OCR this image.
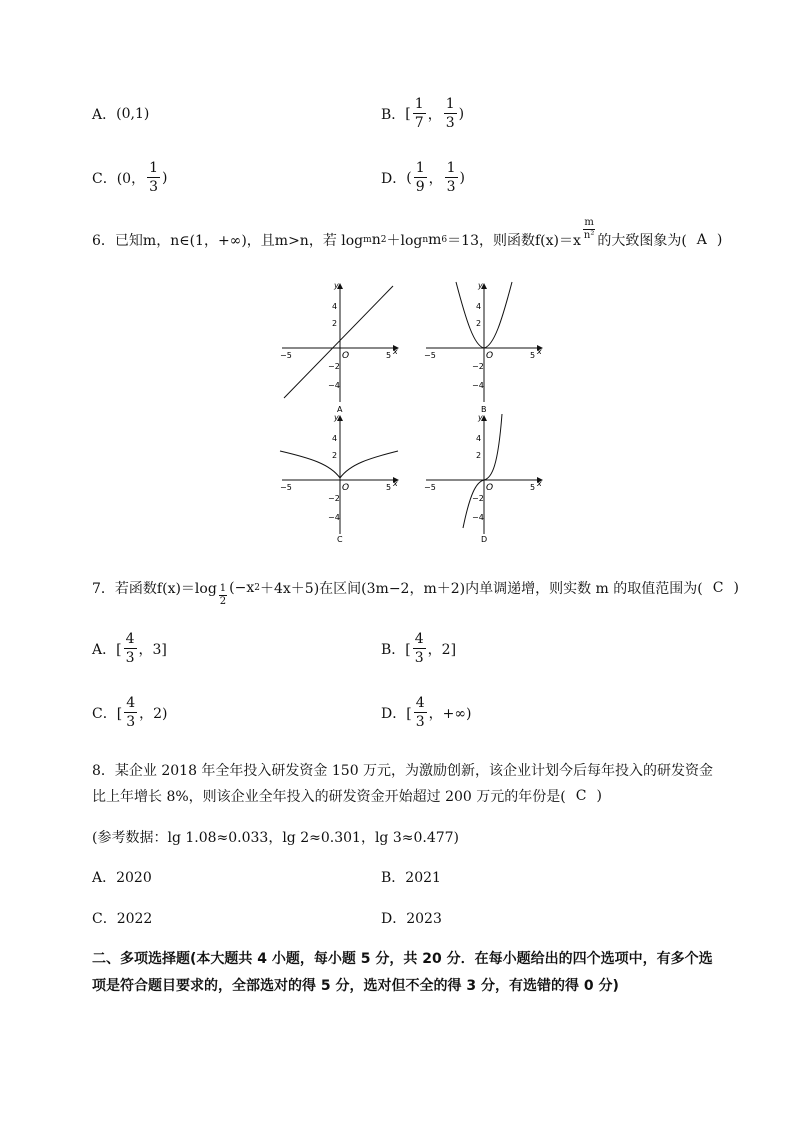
A． (0,1)	B． [ $\frac{1}{7}$ ， $\frac{1}{3}$ )
C． (0， $\frac{1}{3}$ )	D． ( $\frac{1}{9}$ ， $\frac{1}{3}$ )
6． 已知m，n∈(1，+∞)，且m>n，若 log m n 2 ＋log n m 6 ＝13，则函数$f(x)=x \frac{m}{\text{n²}}$ 的大致图象为( A )
y
x
O
−5	5
4
2
−2
−4
A
y
x
O
−5	5
4
2
−2
−4
B
y
x
O
−5	5
4
2
−2
−4
C
y
x
O
−5	5
4
2
−2
−4
D
7． 若函数$f(x)=\log \frac{1}{2} (-x$ 2 ＋4x＋5)在区间(3m−2，m＋2)内单调递增，则实数 m 的取值范围为( C )
A．[ $\frac{4}{3}$ ，3]	B．[ $\frac{4}{3}$ ，2]
C．[ $\frac{4}{3}$ ，2)	D．[ $\frac{4}{3}$ ，+∞)
8．某企业 2018 年全年投入研发资金 150 万元，为激励创新，该企业计划今后每年投入的研发资金
比上年增长 8%，则该企业全年投入的研发资金开始超过 200 万元的年份是( C )
(参考数据：lg 1.08≈0.033，lg 2≈0.301，lg 3≈0.477)
A．2020	B．2021
C．2022	D．2023
二、多项选择题(本大题共 4 小题，每小题 5 分，共 20 分．在每小题给出的四个选项中，有多个选
项是符合题目要求的，全部选对的得 5 分，选对但不全的得 3 分，有选错的得 0 分)
